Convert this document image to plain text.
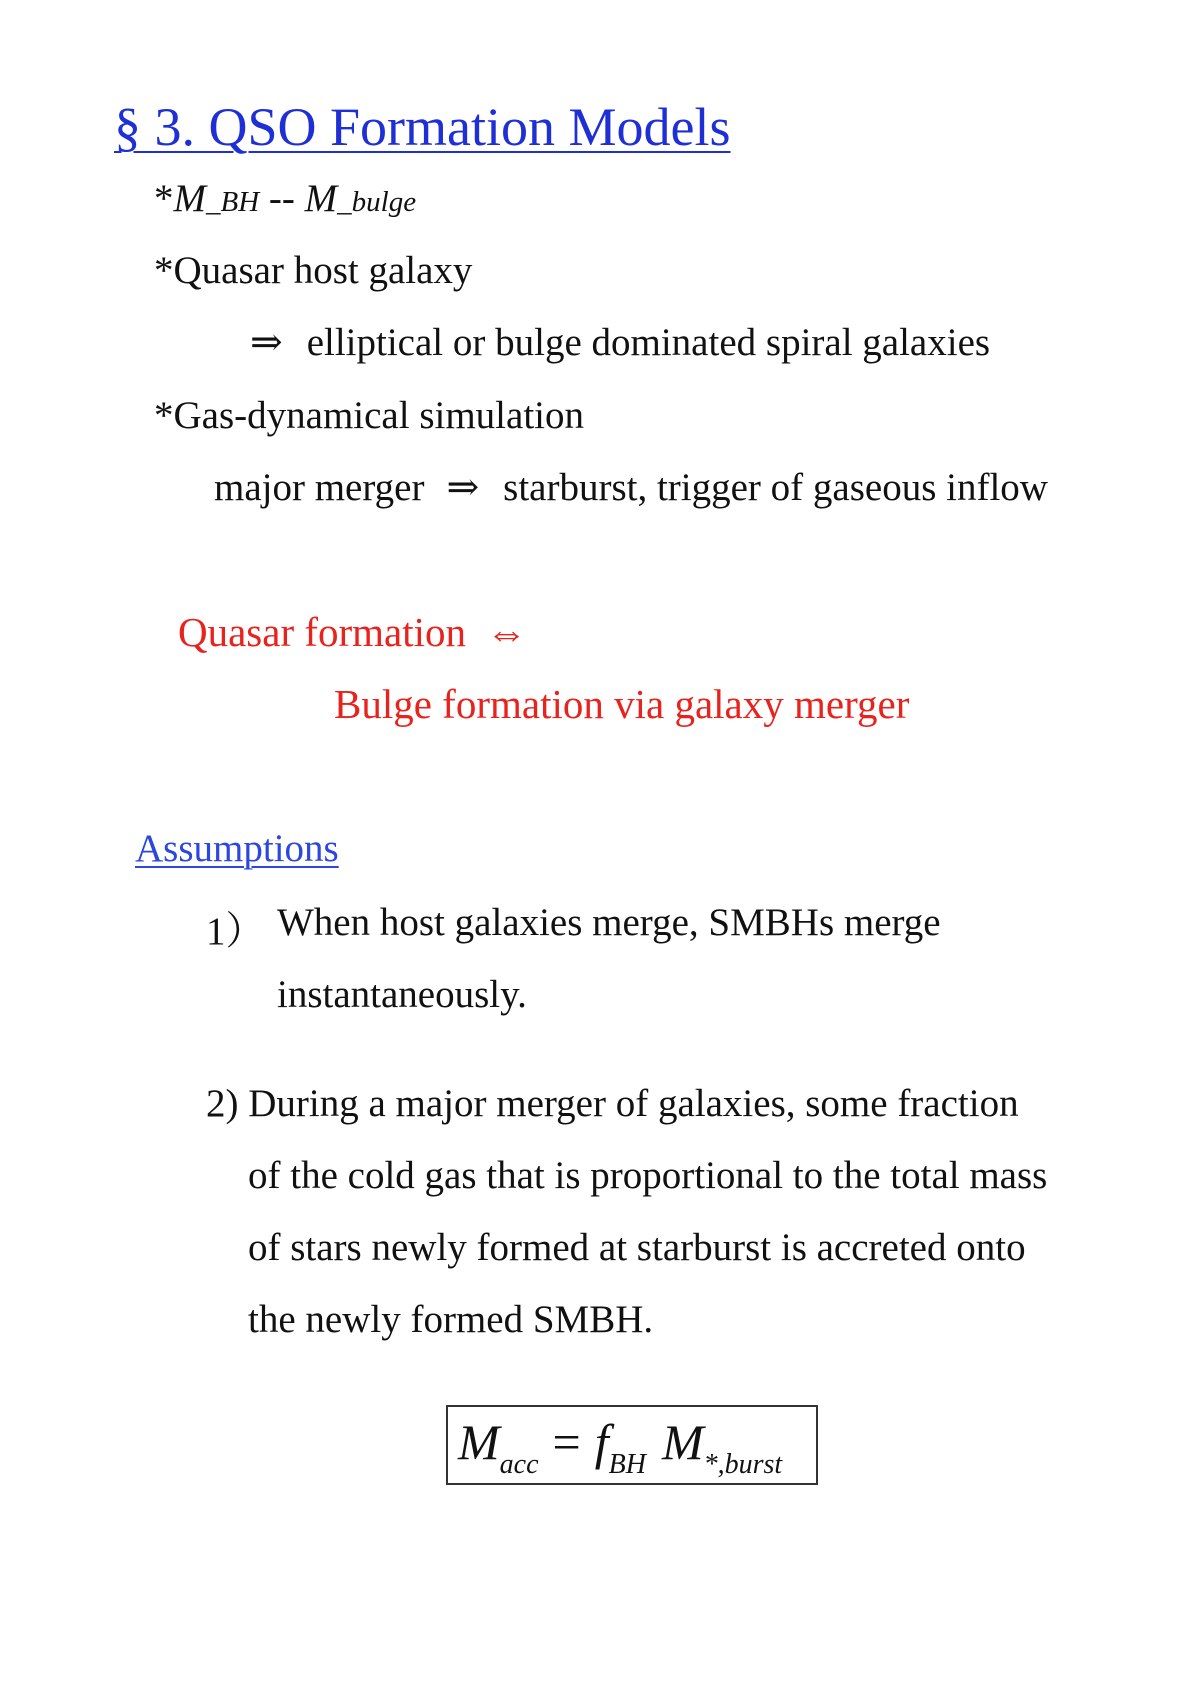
§ 3. QSO Formation Models
*M_BH -- M_bulge
*Quasar host galaxy
⇒ elliptical or bulge dominated spiral galaxies
*Gas-dynamical simulation
major merger ⇒ starburst, trigger of gaseous inflow
Quasar formation ⇔
Bulge formation via galaxy merger
Assumptions
1） When host galaxies merge, SMBHs merge
instantaneously.
2) During a major merger of galaxies, some fraction
of the cold gas that is proportional to the total mass
of stars newly formed at starburst is accreted onto
the newly formed SMBH.
$M_{acc} = f_{BH}$ $M_{*,burst}$
